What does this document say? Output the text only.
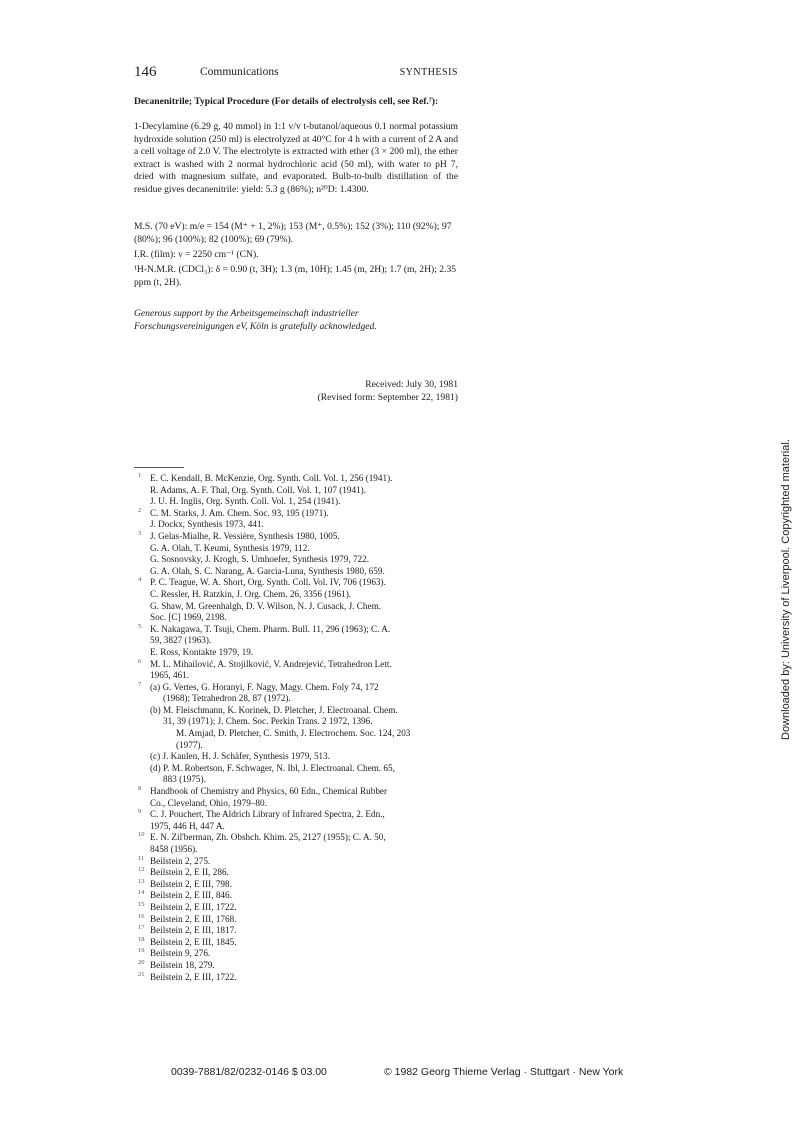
146	Communications	SYNTHESIS
Decanenitrile; Typical Procedure (For details of electrolysis cell, see Ref.⁷):
1-Decylamine (6.29 g, 40 mmol) in 1:1 v/v t-butanol/aqueous 0.1 normal potassium hydroxide solution (250 ml) is electrolyzed at 40°C for 4 h with a current of 2 A and a cell voltage of 2.0 V. The electrolyte is extracted with ether (3 × 200 ml), the ether extract is washed with 2 normal hydrochloric acid (50 ml), with water to pH 7, dried with magnesium sulfate, and evaporated. Bulb-to-bulb distillation of the residue gives decanenitrile: yield: 5.3 g (86%); n²⁰D: 1.4300.
M.S. (70 eV): m/e = 154 (M⁺ + 1, 2%); 153 (M⁺, 0.5%); 152 (3%); 110 (92%); 97 (80%); 96 (100%); 82 (100%); 69 (79%).
I.R. (film): ν = 2250 cm⁻¹ (CN).
¹H-N.M.R. (CDCl₃): δ = 0.90 (t, 3H); 1.3 (m, 10H); 1.45 (m, 2H); 1.7 (m, 2H); 2.35 ppm (t, 2H).
Generous support by the Arbeitsgemeinschaft industrieller Forschungsvereinigungen eV, Köln is gratefully acknowledged.
Received: July 30, 1981
(Revised form: September 22, 1981)
1 E. C. Kendall, B. McKenzie, Org. Synth. Coll. Vol. 1, 256 (1941).
R. Adams, A. F. Thal, Org. Synth. Coll. Vol. 1, 107 (1941).
J. U. H. Inglis, Org. Synth. Coll. Vol. 1, 254 (1941).
2 C. M. Starks, J. Am. Chem. Soc. 93, 195 (1971).
J. Dockx, Synthesis 1973, 441.
3 J. Gelas-Mialhe, R. Vessière, Synthesis 1980, 1005.
G. A. Olah, T. Keumi, Synthesis 1979, 112.
G. Sosnovsky, J. Krogh, S. Umhoefer, Synthesis 1979, 722.
G. A. Olah, S. C. Narang, A. Garcia-Luna, Synthesis 1980, 659.
4 P. C. Teague, W. A. Short, Org. Synth. Coll. Vol. IV, 706 (1963).
C. Ressler, H. Ratzkin, J. Org. Chem. 26, 3356 (1961).
G. Shaw, M. Greenhalgh, D. V. Wilson, N. J. Cusack, J. Chem.
Soc. [C] 1969, 2198.
5 K. Nakagawa, T. Tsuji, Chem. Pharm. Bull. 11, 296 (1963); C. A.
59, 3827 (1963).
E. Ross, Kontakte 1979, 19.
6 M. L. Mihailović, A. Stojilković, V. Andrejević, Tetrahedron Lett.
1965, 461.
7 (a) G. Vertes, G. Horanyi, F. Nagy, Magy. Chem. Foly 74, 172
(1968); Tetrahedron 28, 87 (1972).
(b) M. Fleischmann, K. Korinek, D. Pletcher, J. Electroanal. Chem.
31, 39 (1971); J. Chem. Soc. Perkin Trans. 2 1972, 1396.
M. Amjad, D. Pletcher, C. Smith, J. Electrochem. Soc. 124, 203
(1977).
(c) J. Kaulen, H. J. Schäfer, Synthesis 1979, 513.
(d) P. M. Robertson, F. Schwager, N. Ibl, J. Electroanal. Chem. 65,
883 (1975).
8 Handbook of Chemistry and Physics, 60 Edn., Chemical Rubber
Co., Cleveland, Ohio, 1979–80.
9 C. J. Pouchert, The Aldrich Library of Infrared Spectra, 2. Edn.,
1975, 446 H, 447 A.
10 E. N. Zil'berman, Zh. Obshch. Khim. 25, 2127 (1955); C. A. 50,
8458 (1956).
11 Beilstein 2, 275.
12 Beilstein 2, E II, 286.
13 Beilstein 2, E III, 798.
14 Beilstein 2, E III, 846.
15 Beilstein 2, E III, 1722.
16 Beilstein 2, E III, 1768.
17 Beilstein 2, E III, 1817.
18 Beilstein 2, E III, 1845.
19 Beilstein 9, 276.
20 Beilstein 18, 279.
21 Beilstein 2, E III, 1722.
Downloaded by: University of Liverpool. Copyrighted material.
0039-7881/82/0232-0146 $ 03.00	© 1982 Georg Thieme Verlag · Stuttgart · New York
